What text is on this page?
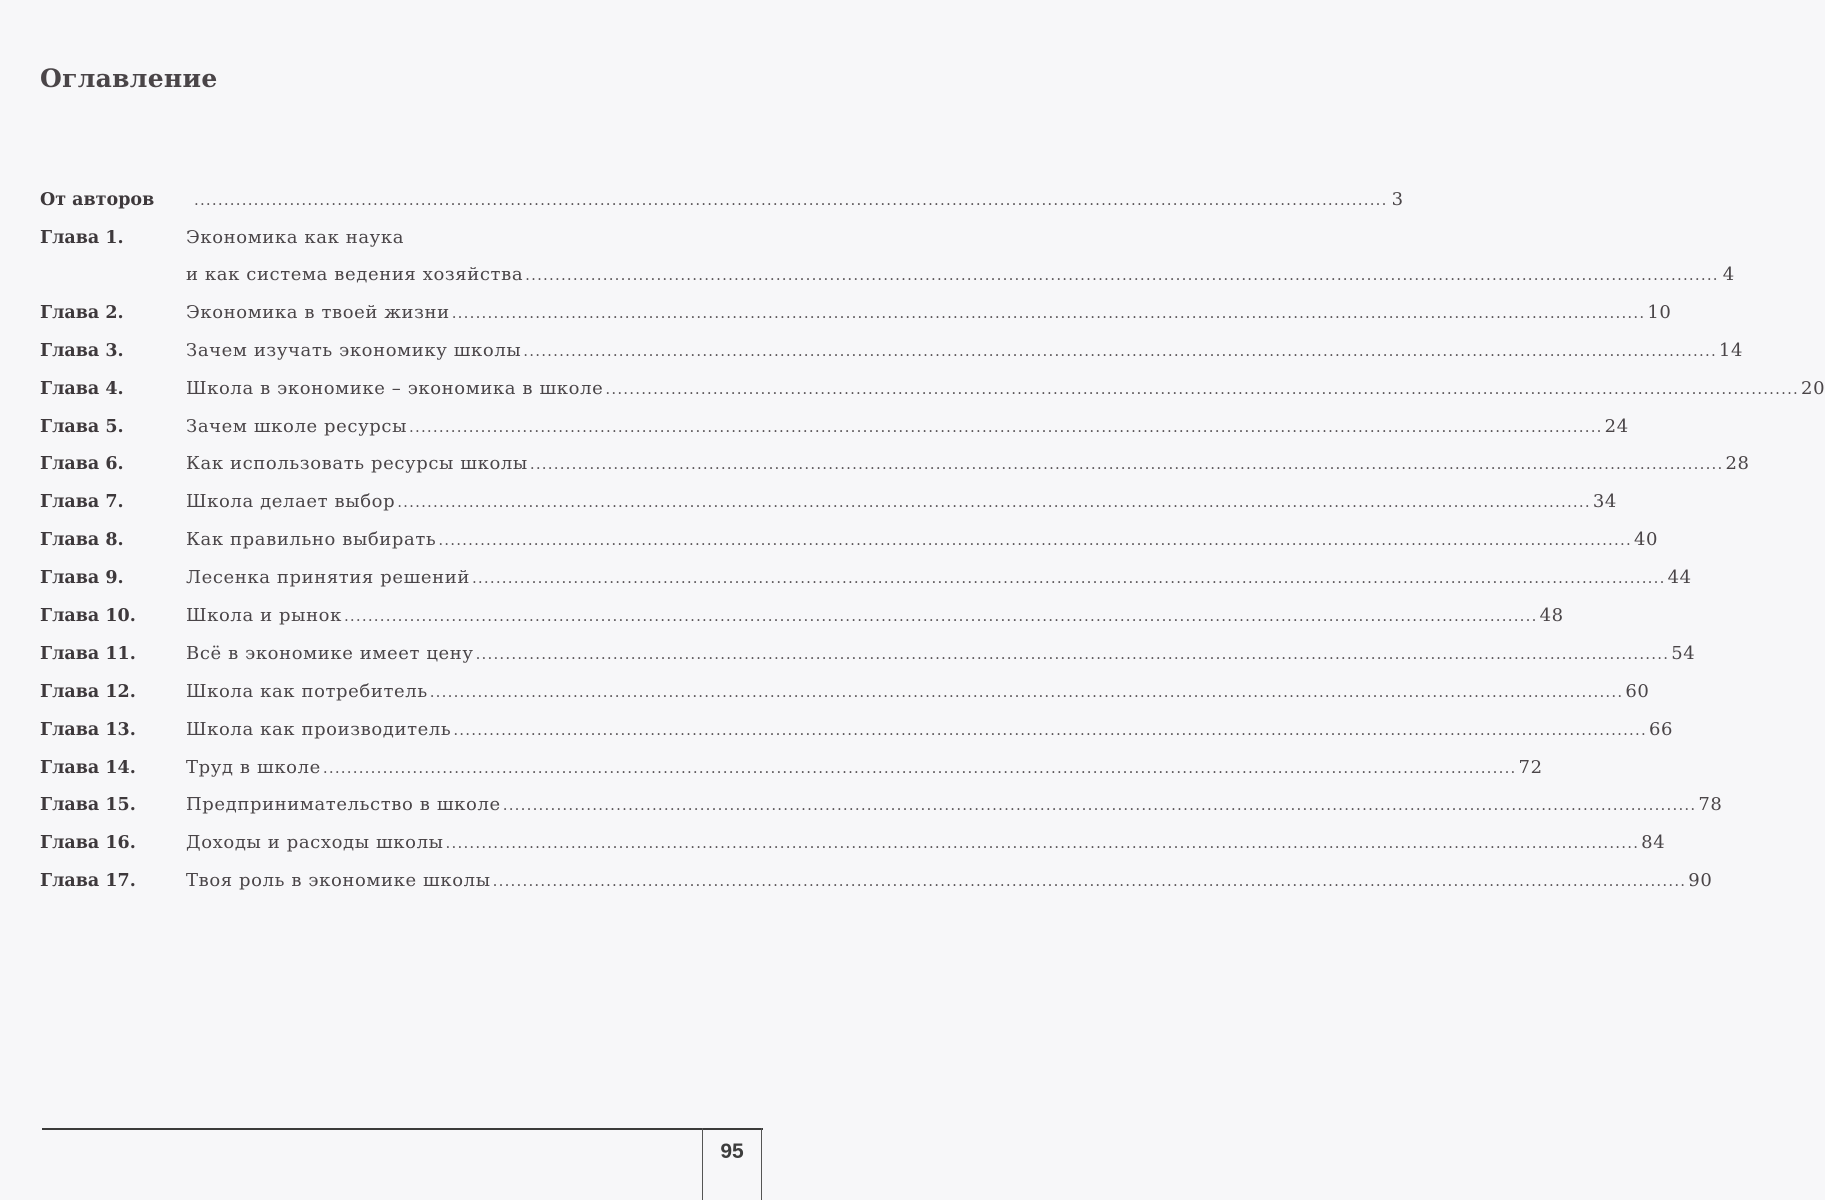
Оглавление
От авторов .....	3
Глава 1.	Экономика как наука
и как система ведения хозяйства .....	4
Глава 2.	Экономика в твоей жизни .....	10
Глава 3.	Зачем изучать экономику школы .....	14
Глава 4.	Школа в экономике – экономика в школе .....	20
Глава 5.	Зачем школе ресурсы .....	24
Глава 6.	Как использовать ресурсы школы .....	28
Глава 7.	Школа делает выбор .....	34
Глава 8.	Как правильно выбирать .....	40
Глава 9.	Лесенка принятия решений .....	44
Глава 10.	Школа и рынок .....	48
Глава 11.	Всё в экономике имеет цену .....	54
Глава 12.	Школа как потребитель .....	60
Глава 13.	Школа как производитель .....	66
Глава 14.	Труд в школе .....	72
Глава 15.	Предпринимательство в школе .....	78
Глава 16.	Доходы и расходы школы .....	84
Глава 17.	Твоя роль в экономике школы .....	90
95
